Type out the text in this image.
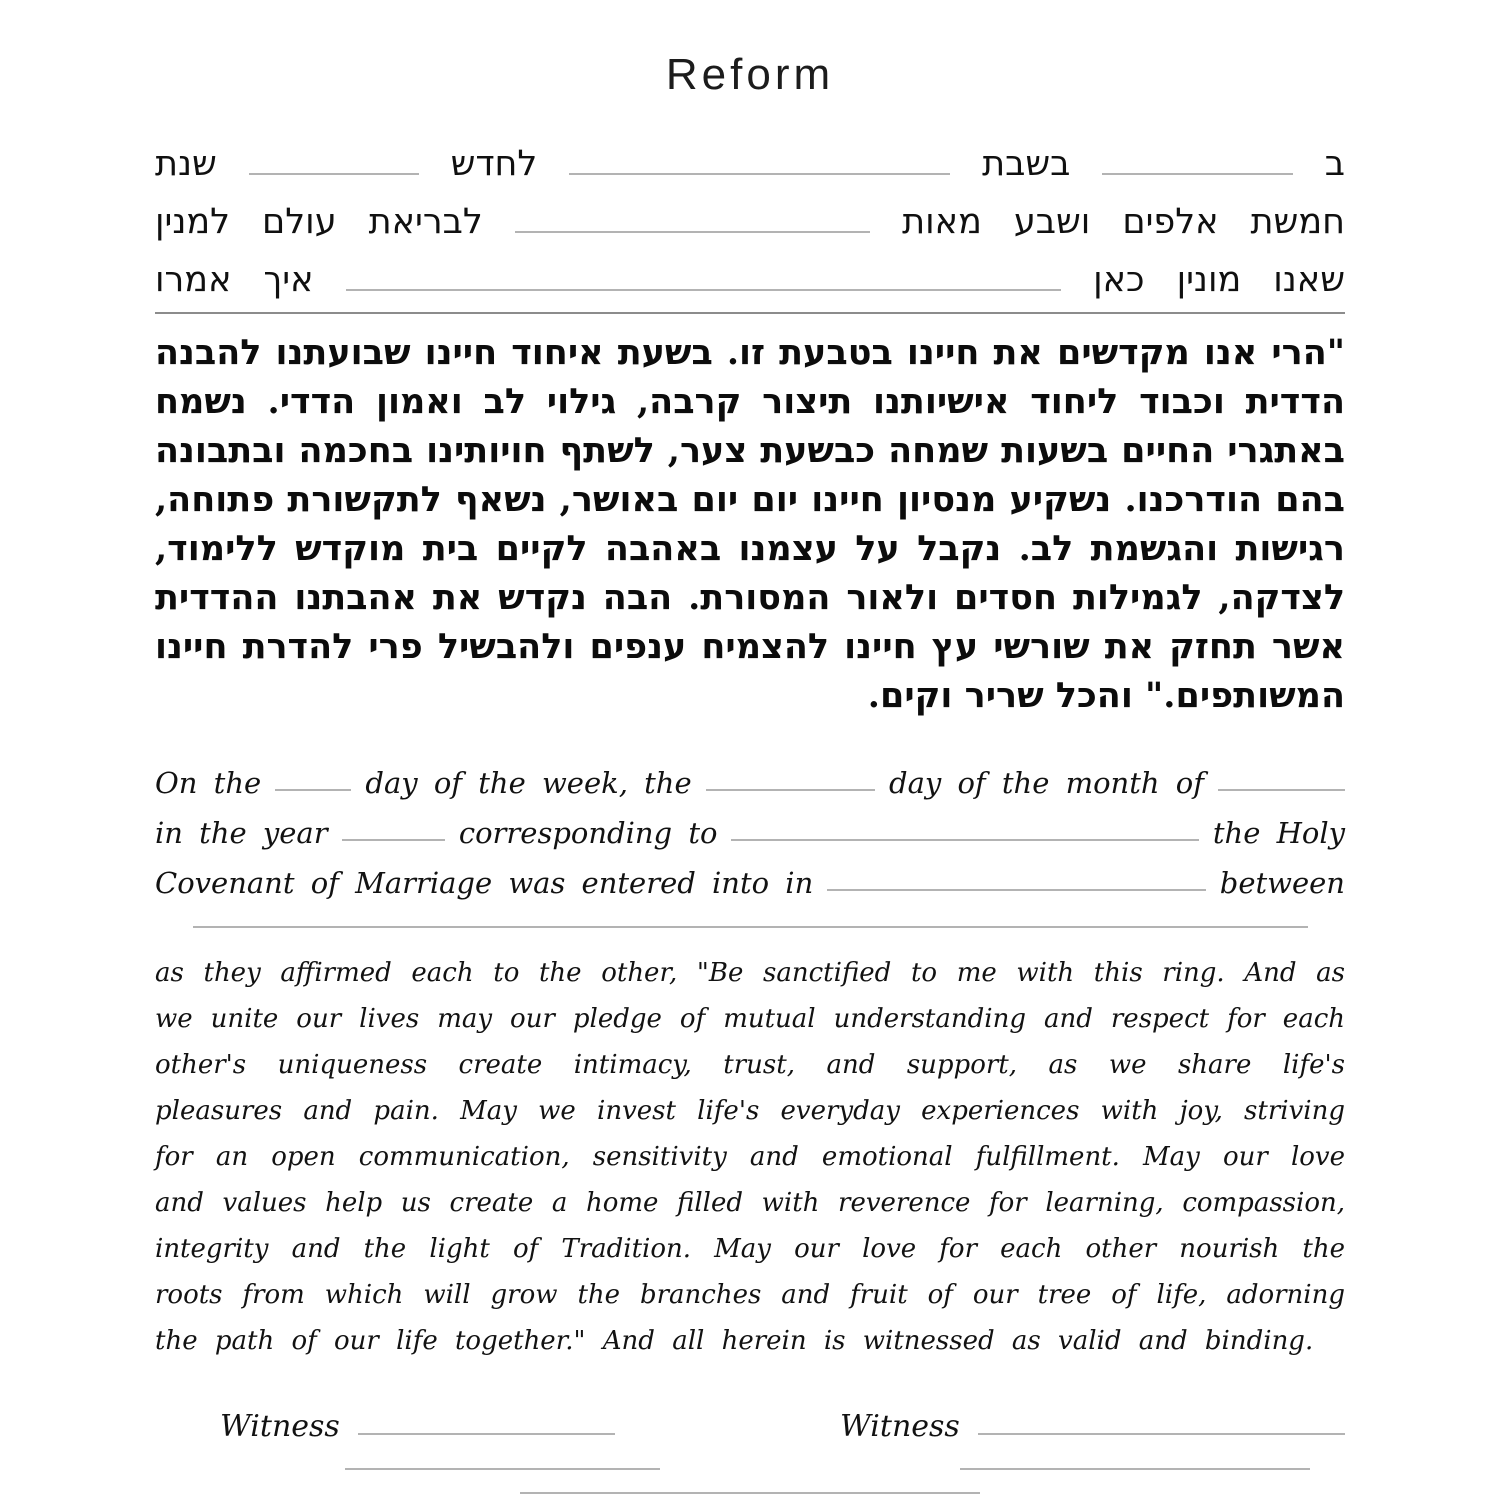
Reform
ב
בשבת
לחדש
שנת
חמשת
אלפים
ושבע
מאות
לבריאת
עולם
למנין
שאנו
מונין
כאן
איך
אמרו

"הרי אנו מקדשים את חיינו בטבעת זו. בשעת איחוד חיינו שבועתנו להבנה הדדית וכבוד ליחוד אישיותנו תיצור קרבה, גילוי לב ואמון הדדי. נשמח באתגרי החיים בשעות שמחה כבשעת צער, לשתף חויותינו בחכמה ובתבונה בהם הודרכנו. נשקיע מנסיון חיינו יום יום באושר, נשאף לתקשורת פתוחה, רגישות והגשמת לב. נקבל על עצמנו באהבה לקיים בית מוקדש ללימוד, לצדקה, לגמילות חסדים ולאור המסורת. הבה נקדש את אהבתנו ההדדית אשר תחזק את שורשי עץ חיינו להצמיח ענפים ולהבשיל פרי להדרת חיינו המשותפים." והכל שריר וקים.

On the	day of the week, the	day of the month of
in the year	corresponding to	the Holy
Covenant of Marriage was entered into in	between

as they affirmed each to the other, "Be sanctified to me with this ring. And as we unite our lives may our pledge of mutual understanding and respect for each other's uniqueness create intimacy, trust, and support, as we share life's pleasures and pain. May we invest life's everyday experiences with joy, striving for an open communication, sensitivity and emotional fulfillment. May our love and values help us create a home filled with reverence for learning, compassion, integrity and the light of Tradition. May our love for each other nourish the roots from which will grow the branches and fruit of our tree of life, adorning the path of our life together." And all herein is witnessed as valid and binding.

Witness	Witness
